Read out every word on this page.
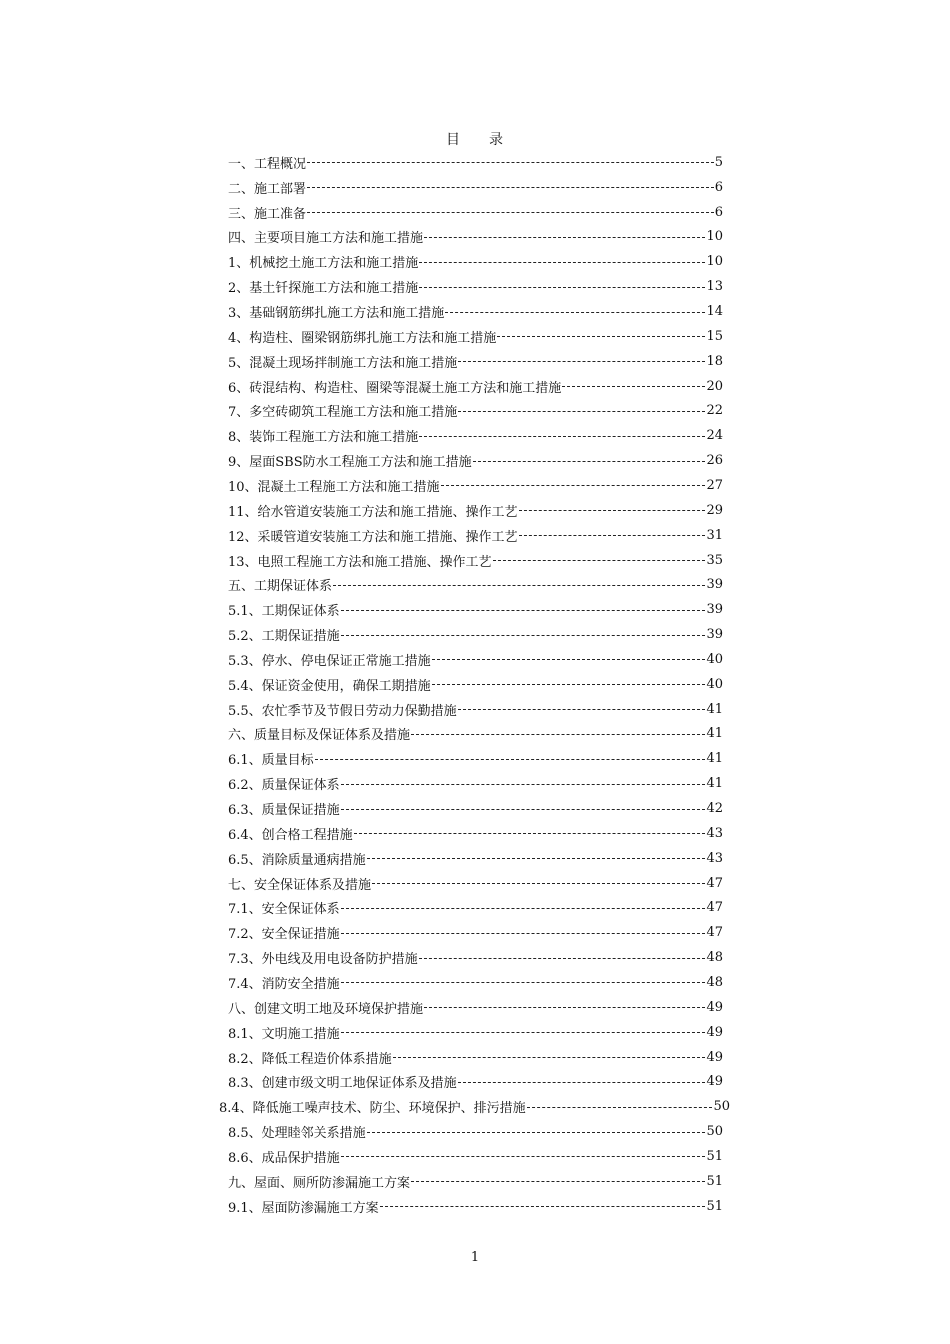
目 录
一、工程概况	5
二、施工部署	6
三、施工准备	6
四、主要项目施工方法和施工措施	10
1、机械挖土施工方法和施工措施	10
2、基土钎探施工方法和施工措施	13
3、基础钢筋绑扎施工方法和施工措施	14
4、构造柱、圈梁钢筋绑扎施工方法和施工措施	15
5、混凝土现场拌制施工方法和施工措施	18
6、砖混结构、构造柱、圈梁等混凝土施工方法和施工措施	20
7、多空砖砌筑工程施工方法和施工措施	22
8、装饰工程施工方法和施工措施	24
9、屋面SBS防水工程施工方法和施工措施	26
10、混凝土工程施工方法和施工措施	27
11、给水管道安装施工方法和施工措施、操作工艺	29
12、采暖管道安装施工方法和施工措施、操作工艺	31
13、电照工程施工方法和施工措施、操作工艺	35
五、工期保证体系	39
5.1、工期保证体系	39
5.2、工期保证措施	39
5.3、停水、停电保证正常施工措施	40
5.4、保证资金使用，确保工期措施	40
5.5、农忙季节及节假日劳动力保勤措施	41
六、质量目标及保证体系及措施	41
6.1、质量目标	41
6.2、质量保证体系	41
6.3、质量保证措施	42
6.4、创合格工程措施	43
6.5、消除质量通病措施	43
七、安全保证体系及措施	47
7.1、安全保证体系	47
7.2、安全保证措施	47
7.3、外电线及用电设备防护措施	48
7.4、消防安全措施	48
八、创建文明工地及环境保护措施	49
8.1、文明施工措施	49
8.2、降低工程造价体系措施	49
8.3、创建市级文明工地保证体系及措施	49
8.4、降低施工噪声技术、防尘、环境保护、排污措施	50
8.5、处理睦邻关系措施	50
8.6、成品保护措施	51
九、屋面、厕所防渗漏施工方案	51
9.1、屋面防渗漏施工方案	51
1
